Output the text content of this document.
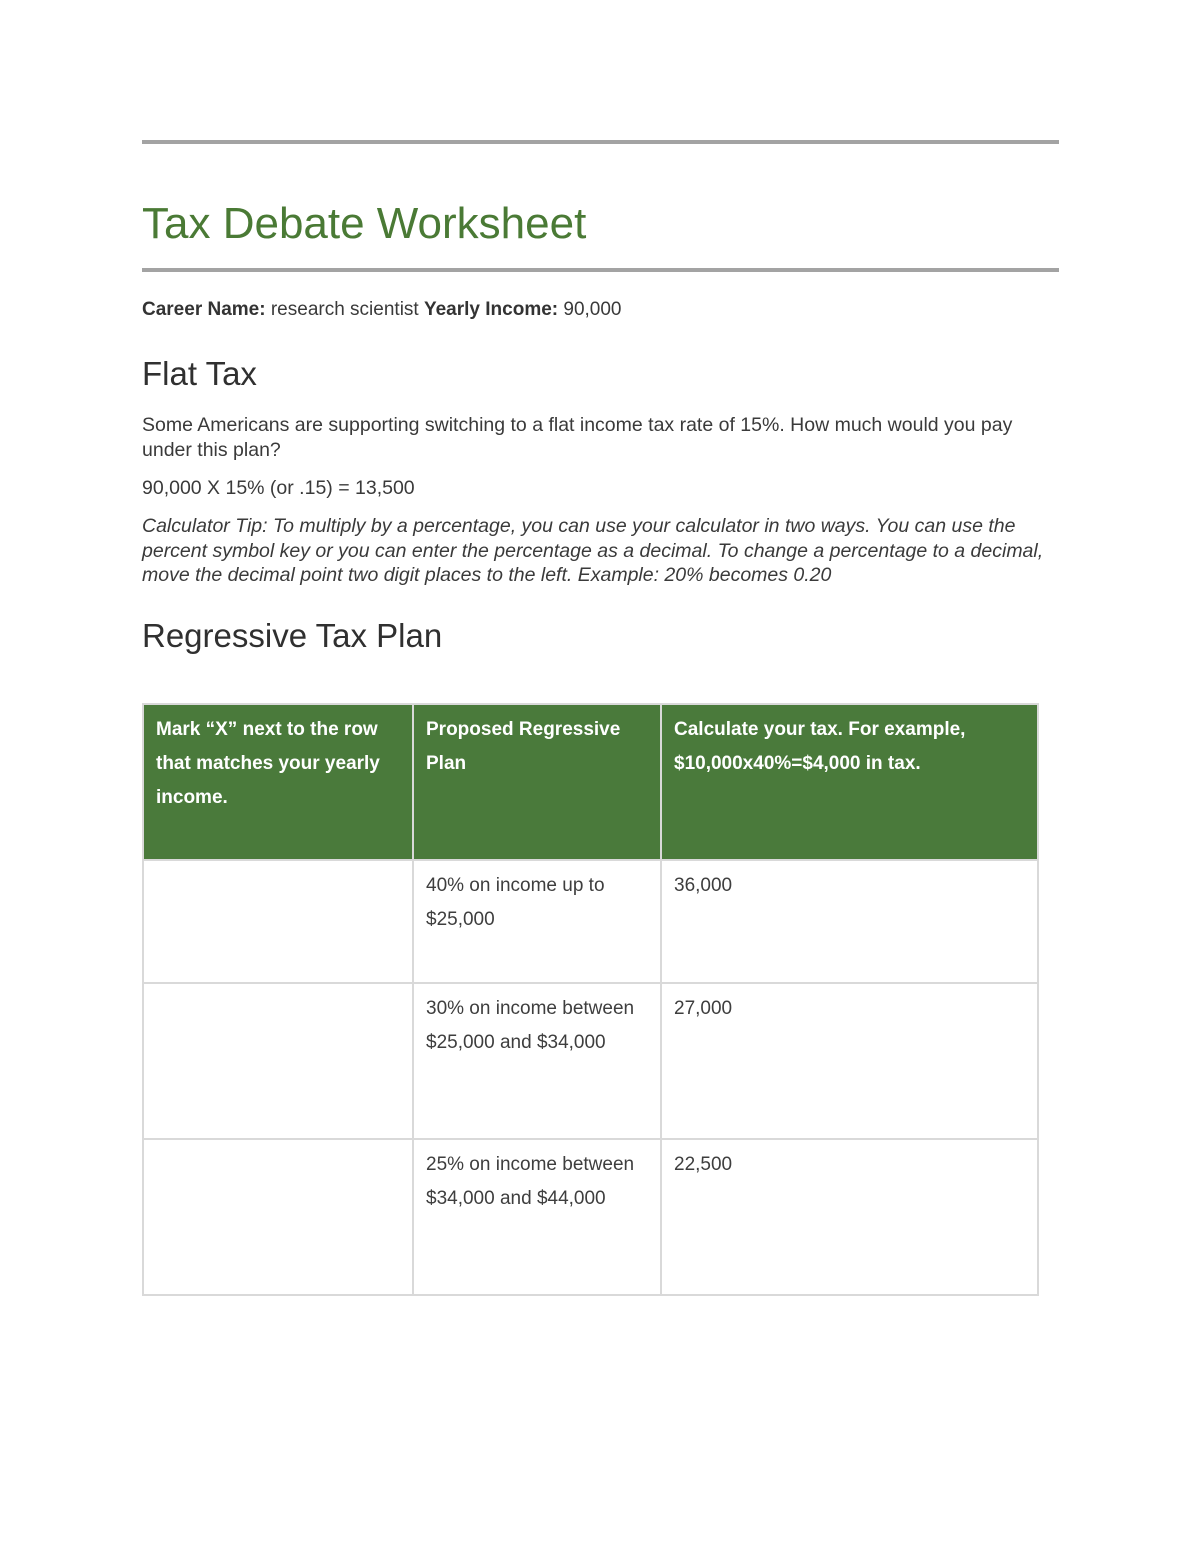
Tax Debate Worksheet
Career Name: research scientist Yearly Income: 90,000
Flat Tax

Some Americans are supporting switching to a flat income tax rate of 15%. How much would you pay under this plan?

90,000 X 15% (or .15) = 13,500

Calculator Tip: To multiply by a percentage, you can use your calculator in two ways. You can use the percent symbol key or you can enter the percentage as a decimal. To change a percentage to a decimal, move the decimal point two digit places to the left. Example: 20% becomes 0.20

Regressive Tax Plan
Mark “X” next to the row that matches your yearly income.	Proposed Regressive Plan	Calculate your tax. For example, $10,000x40%=$4,000 in tax.
	40% on income up to $25,000	36,000
	30% on income between $25,000 and $34,000	27,000
	25% on income between $34,000 and $44,000	22,500
